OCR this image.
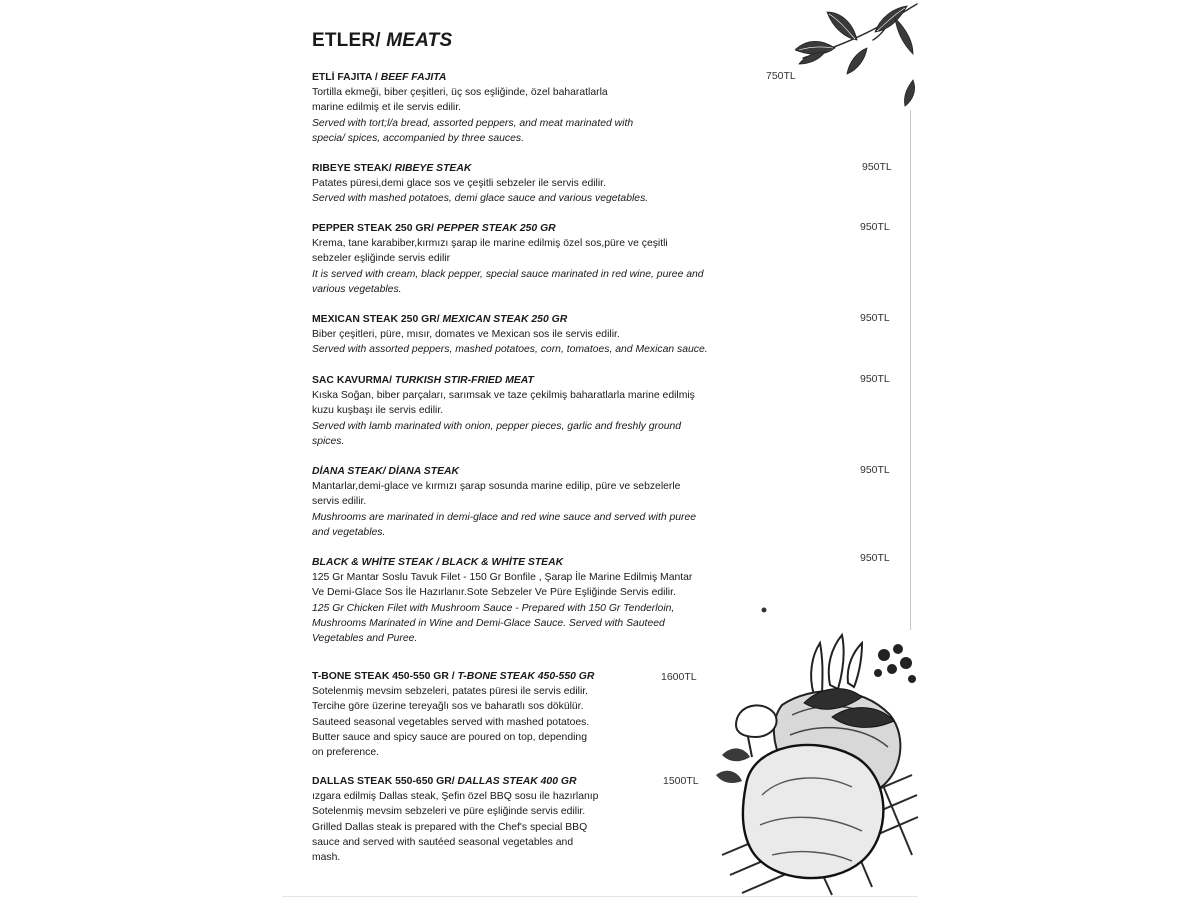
ETLER/ MEATS
ETLİ FAJITA / BEEF FAJITA
Tortilla ekmeği, biber çeşitleri, üç sos eşliğinde, özel baharatlarla
marine edilmiş et ile servis edilir.
Served with tort;l/a bread, assorted peppers, and meat marinated with
specia/ spices, accompanied by three sauces.
750TL
RIBEYE STEAK/ RIBEYE STEAK
Patates püresi,demi glace sos ve çeşitli sebzeler ile servis edilir.
Served with mashed potatoes, demi glace sauce and various vegetables.
950TL
PEPPER STEAK 250 GR/ PEPPER STEAK 250 GR
Krema, tane karabiber,kırmızı şarap ile marine edilmiş özel sos,püre ve çeşitli
sebzeler eşliğinde servis edilir
It is served with cream, black pepper, special sauce marinated in red wine, puree and
various vegetables.
950TL
MEXICAN STEAK 250 GR/ MEXICAN STEAK 250 GR
Biber çeşitleri, püre, mısır, domates ve Mexican sos ile servis edilir.
Served with assorted peppers, mashed potatoes, corn, tomatoes, and Mexican sauce.
950TL
SAC KAVURMA/ TURKISH STIR-FRIED MEAT
Kıska Soğan, biber parçaları, sarımsak ve taze çekilmiş baharatlarla marine edilmiş
kuzu kuşbaşı ile servis edilir.
Served with lamb marinated with onion, pepper pieces, garlic and freshly ground
spices.
950TL
DİANA STEAK/ DİANA STEAK
Mantarlar,demi-glace ve kırmızı şarap sosunda marine edilip, püre ve sebzelerle
servis edilir.
Mushrooms are marinated in demi-glace and red wine sauce and served with puree
and vegetables.
950TL
BLACK & WHİTE STEAK / BLACK & WHİTE STEAK
125 Gr Mantar Soslu Tavuk Filet - 150 Gr Bonfile , Şarap İle Marine Edilmiş Mantar
Ve Demi-Glace Sos İle Hazırlanır.Sote Sebzeler Ve Püre Eşliğinde Servis edilir.
125 Gr Chicken Filet with Mushroom Sauce - Prepared with 150 Gr Tenderloin,
Mushrooms Marinated in Wine and Demi-Glace Sauce. Served with Sauteed
Vegetables and Puree.
950TL
T-BONE STEAK 450-550 GR / T-BONE STEAK 450-550 GR
Sotelenmiş mevsim sebzeleri, patates püresi ile servis edilir.
Tercihe göre üzerine tereyağlı sos ve baharatlı sos dökülür.
Sauteed seasonal vegetables served with mashed potatoes.
Butter sauce and spicy sauce are poured on top, depending
on preference.
1600TL
DALLAS STEAK 550-650 GR/ DALLAS STEAK 400 GR
ızgara edilmiş Dallas steak, Şefin özel BBQ sosu ile hazırlanıp
Sotelenmiş mevsim sebzeleri ve püre eşliğinde servis edilir.
Grilled Dallas steak is prepared with the Chef's special BBQ
sauce and served with sautéed seasonal vegetables and
mash.
1500TL
